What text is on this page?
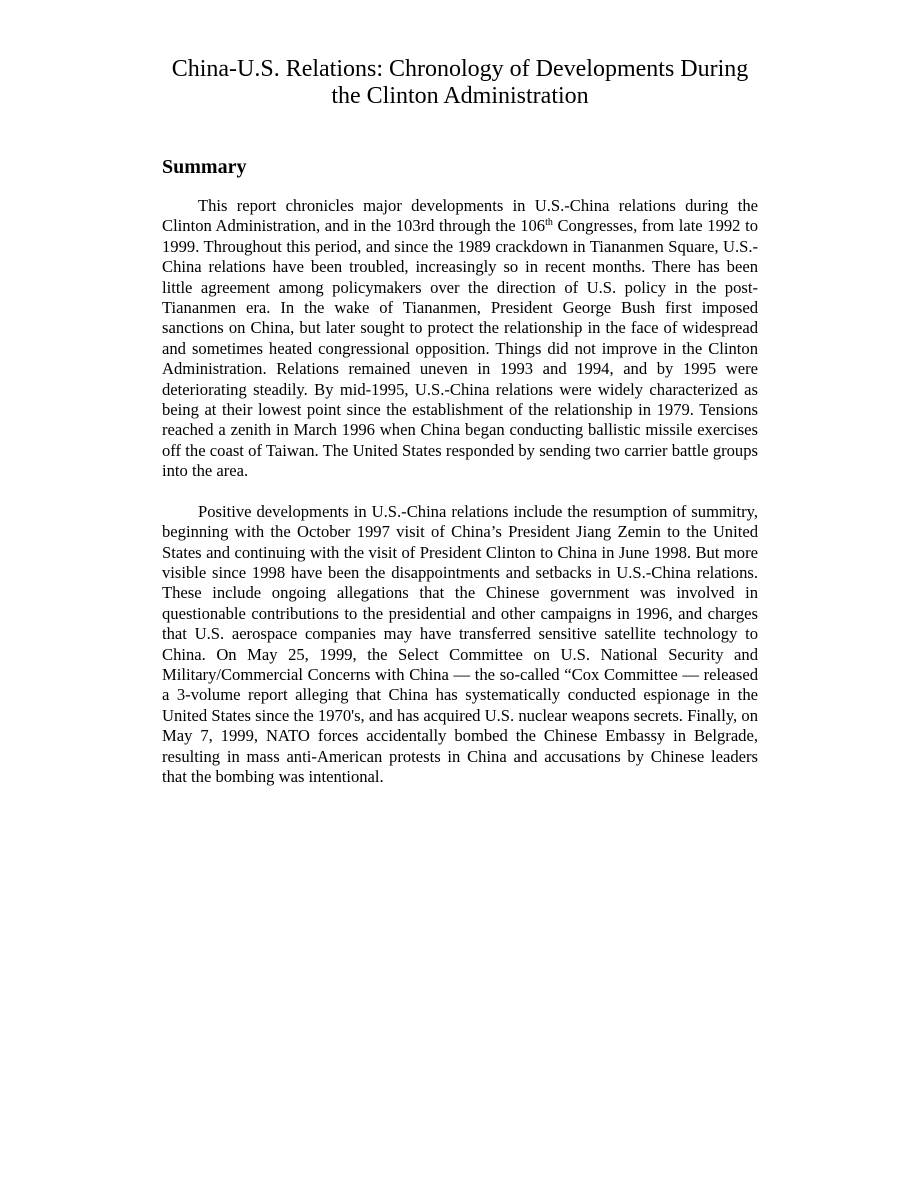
China-U.S. Relations: Chronology of Developments During
the Clinton Administration
Summary

This report chronicles major developments in U.S.-China relations during the Clinton Administration, and in the 103rd through the 106th Congresses, from late 1992 to 1999. Throughout this period, and since the 1989 crackdown in Tiananmen Square, U.S.-China relations have been troubled, increasingly so in recent months. There has been little agreement among policymakers over the direction of U.S. policy in the post-Tiananmen era. In the wake of Tiananmen, President George Bush first imposed sanctions on China, but later sought to protect the relationship in the face of widespread and sometimes heated congressional opposition. Things did not improve in the Clinton Administration. Relations remained uneven in 1993 and 1994, and by 1995 were deteriorating steadily. By mid-1995, U.S.-China relations were widely characterized as being at their lowest point since the establishment of the relationship in 1979. Tensions reached a zenith in March 1996 when China began conducting ballistic missile exercises off the coast of Taiwan. The United States responded by sending two carrier battle groups into the area.

Positive developments in U.S.-China relations include the resumption of summitry, beginning with the October 1997 visit of China’s President Jiang Zemin to the United States and continuing with the visit of President Clinton to China in June 1998. But more visible since 1998 have been the disappointments and setbacks in U.S.-China relations. These include ongoing allegations that the Chinese government was involved in questionable contributions to the presidential and other campaigns in 1996, and charges that U.S. aerospace companies may have transferred sensitive satellite technology to China. On May 25, 1999, the Select Committee on U.S. National Security and Military/Commercial Concerns with China — the so-called “Cox Committee — released a 3-volume report alleging that China has systematically conducted espionage in the United States since the 1970's, and has acquired U.S. nuclear weapons secrets. Finally, on May 7, 1999, NATO forces accidentally bombed the Chinese Embassy in Belgrade, resulting in mass anti-American protests in China and accusations by Chinese leaders that the bombing was intentional.
